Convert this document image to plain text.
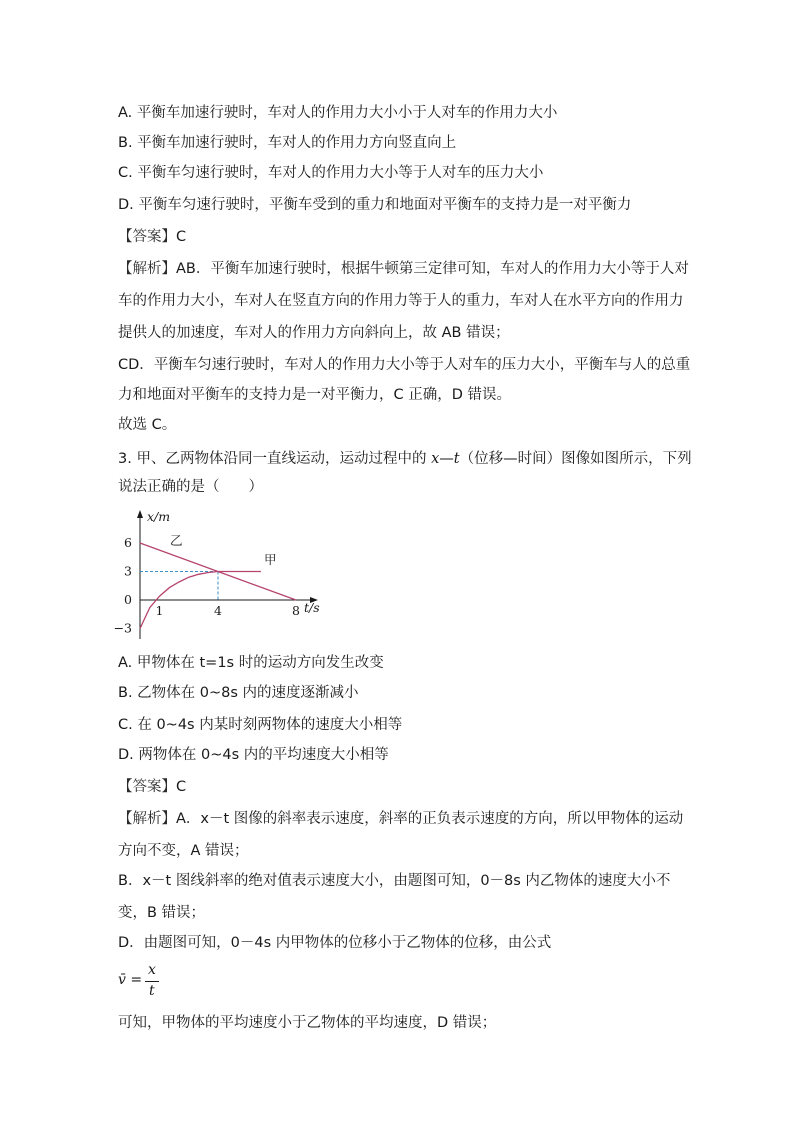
A. 平衡车加速行驶时，车对人的作用力大小小于人对车的作用力大小
B. 平衡车加速行驶时，车对人的作用力方向竖直向上
C. 平衡车匀速行驶时，车对人的作用力大小等于人对车的压力大小
D. 平衡车匀速行驶时，平衡车受到的重力和地面对平衡车的支持力是一对平衡力
【答案】C
【解析】AB．平衡车加速行驶时，根据牛顿第三定律可知，车对人的作用力大小等于人对
车的作用力大小，车对人在竖直方向的作用力等于人的重力，车对人在水平方向的作用力
提供人的加速度，车对人的作用力方向斜向上，故 AB 错误；
CD．平衡车匀速行驶时，车对人的作用力大小等于人对车的压力大小，平衡车与人的总重
力和地面对平衡车的支持力是一对平衡力，C 正确，D 错误。
故选 C。
3. 甲、乙两物体沿同一直线运动，运动过程中的 x—t（位移—时间）图像如图所示，下列
说法正确的是（　　）
甲
乙
6
3
0
−3
1	4	8
x/m
t/s
A. 甲物体在 t=1s 时的运动方向发生改变
B. 乙物体在 0~8s 内的速度逐渐减小
C. 在 0~4s 内某时刻两物体的速度大小相等
D. 两物体在 0~4s 内的平均速度大小相等
【答案】C
【解析】A．x－t 图像的斜率表示速度，斜率的正负表示速度的方向，所以甲物体的运动
方向不变，A 错误；
B．x－t 图线斜率的绝对值表示速度大小，由题图可知，0－8s 内乙物体的速度大小不
变，B 错误；
D．由题图可知，0－4s 内甲物体的位移小于乙物体的位移，由公式
v̄ =
x
t
可知，甲物体的平均速度小于乙物体的平均速度，D 错误；
